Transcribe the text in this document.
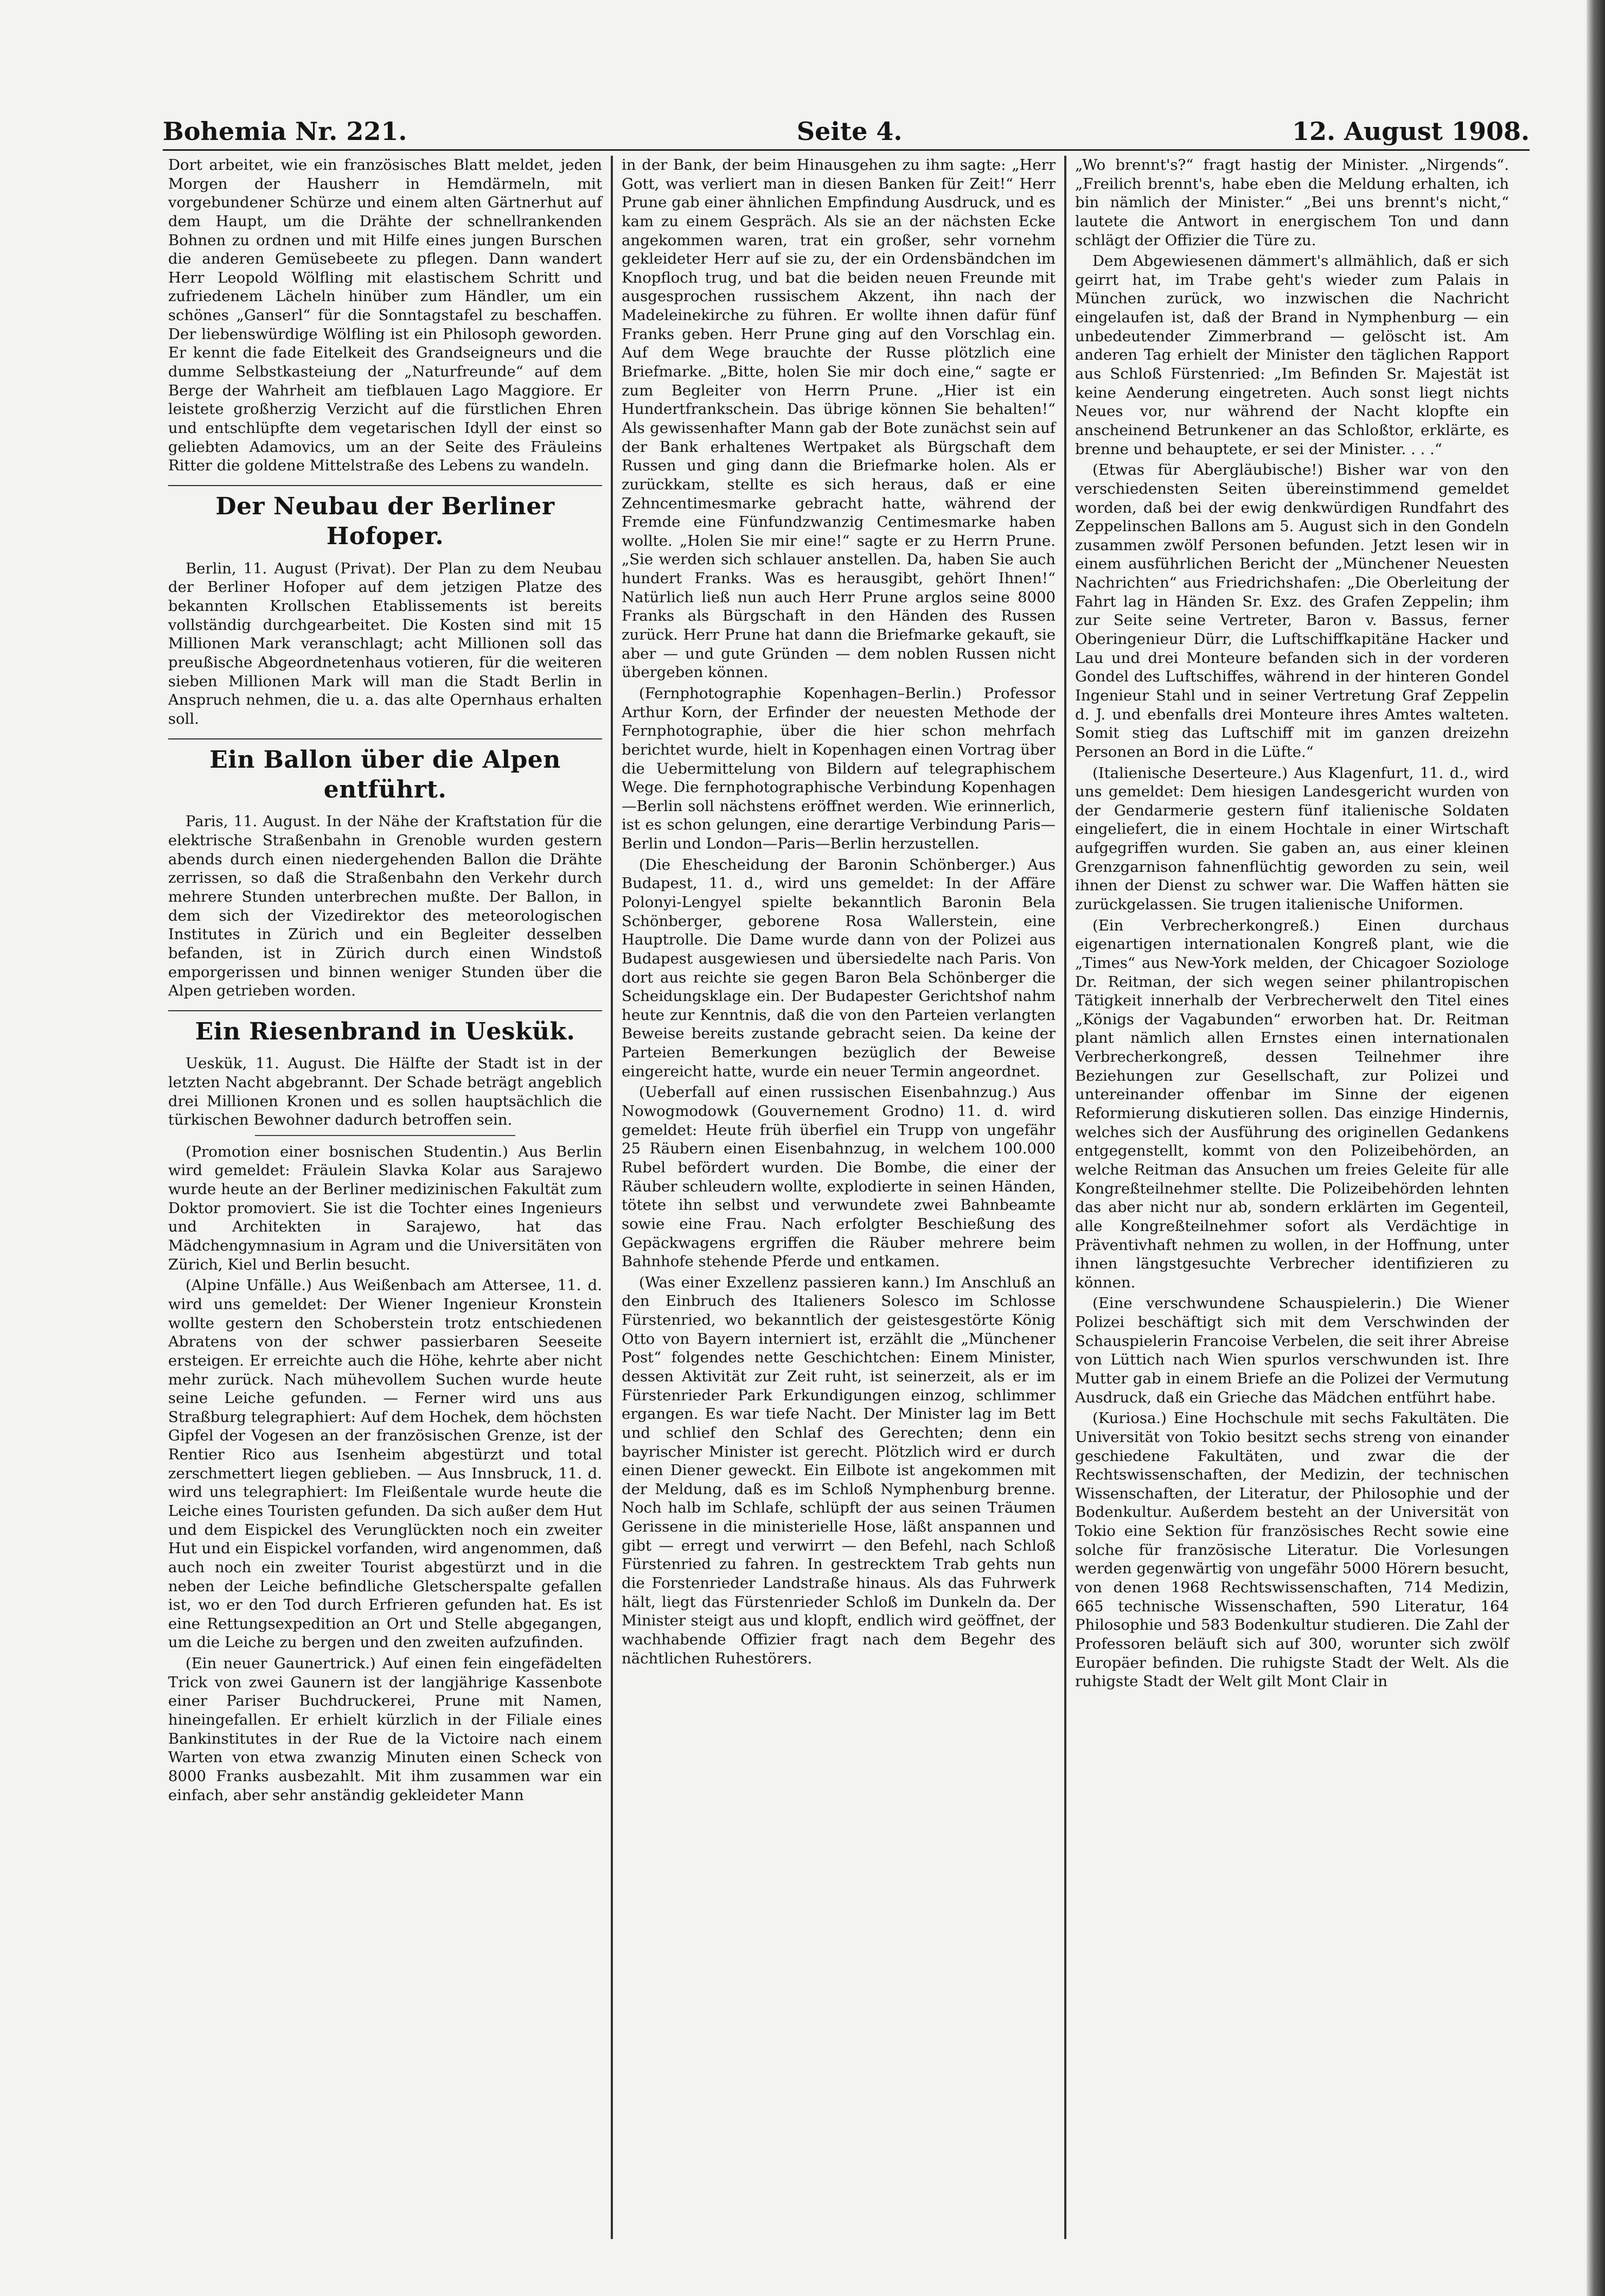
Bohemia Nr. 221.	Seite 4.	12. August 1908.

Dort arbeitet, wie ein französisches Blatt meldet, jeden Morgen der Hausherr in Hemdärmeln, mit vorgebundener Schürze und einem alten Gärtnerhut auf dem Haupt, um die Drähte der schnellrankenden Bohnen zu ordnen und mit Hilfe eines jungen Burschen die anderen Gemüsebeete zu pflegen. Dann wandert Herr Leopold Wölfling mit elastischem Schritt und zufriedenem Lächeln hinüber zum Händler, um ein schönes „Ganserl“ für die Sonntagstafel zu beschaffen. Der liebenswürdige Wölfling ist ein Philosoph geworden. Er kennt die fade Eitelkeit des Grandseigneurs und die dumme Selbstkasteiung der „Naturfreunde“ auf dem Berge der Wahrheit am tiefblauen Lago Maggiore. Er leistete großherzig Verzicht auf die fürstlichen Ehren und entschlüpfte dem vegetarischen Idyll der einst so geliebten Adamovics, um an der Seite des Fräuleins Ritter die goldene Mittelstraße des Lebens zu wandeln.

Der Neubau der Berliner Hofoper.

Berlin, 11. August (Privat). Der Plan zu dem Neubau der Berliner Hofoper auf dem jetzigen Platze des bekannten Krollschen Etablissements ist bereits vollständig durchgearbeitet. Die Kosten sind mit 15 Millionen Mark veranschlagt; acht Millionen soll das preußische Abgeordnetenhaus votieren, für die weiteren sieben Millionen Mark will man die Stadt Berlin in Anspruch nehmen, die u. a. das alte Opernhaus erhalten soll.

Ein Ballon über die Alpen entführt.

Paris, 11. August. In der Nähe der Kraftstation für die elektrische Straßenbahn in Grenoble wurden gestern abends durch einen niedergehenden Ballon die Drähte zerrissen, so daß die Straßenbahn den Verkehr durch mehrere Stunden unterbrechen mußte. Der Ballon, in dem sich der Vizedirektor des meteorologischen Institutes in Zürich und ein Begleiter desselben befanden, ist in Zürich durch einen Windstoß emporgerissen und binnen weniger Stunden über die Alpen getrieben worden.

Ein Riesenbrand in Ueskük.

Ueskük, 11. August. Die Hälfte der Stadt ist in der letzten Nacht abgebrannt. Der Schade beträgt angeblich drei Millionen Kronen und es sollen hauptsächlich die türkischen Bewohner dadurch betroffen sein.

(Promotion einer bosnischen Studentin.) Aus Berlin wird gemeldet: Fräulein Slavka Kolar aus Sarajewo wurde heute an der Berliner medizinischen Fakultät zum Doktor promoviert. Sie ist die Tochter eines Ingenieurs und Architekten in Sarajewo, hat das Mädchengymnasium in Agram und die Universitäten von Zürich, Kiel und Berlin besucht.

(Alpine Unfälle.) Aus Weißenbach am Attersee, 11. d. wird uns gemeldet: Der Wiener Ingenieur Kronstein wollte gestern den Schoberstein trotz entschiedenen Abratens von der schwer passierbaren Seeseite ersteigen. Er erreichte auch die Höhe, kehrte aber nicht mehr zurück. Nach mühevollem Suchen wurde heute seine Leiche gefunden. — Ferner wird uns aus Straßburg telegraphiert: Auf dem Hochek, dem höchsten Gipfel der Vogesen an der französischen Grenze, ist der Rentier Rico aus Isenheim abgestürzt und total zerschmettert liegen geblieben. — Aus Innsbruck, 11. d. wird uns telegraphiert: Im Fleißentale wurde heute die Leiche eines Touristen gefunden. Da sich außer dem Hut und dem Eispickel des Verunglückten noch ein zweiter Hut und ein Eispickel vorfanden, wird angenommen, daß auch noch ein zweiter Tourist abgestürzt und in die neben der Leiche befindliche Gletscherspalte gefallen ist, wo er den Tod durch Erfrieren gefunden hat. Es ist eine Rettungsexpedition an Ort und Stelle abgegangen, um die Leiche zu bergen und den zweiten aufzufinden.

(Ein neuer Gaunertrick.) Auf einen fein eingefädelten Trick von zwei Gaunern ist der langjährige Kassenbote einer Pariser Buchdruckerei, Prune mit Namen, hineingefallen. Er erhielt kürzlich in der Filiale eines Bankinstitutes in der Rue de la Victoire nach einem Warten von etwa zwanzig Minuten einen Scheck von 8000 Franks ausbezahlt. Mit ihm zusammen war ein einfach, aber sehr anständig gekleideter Mann

in der Bank, der beim Hinausgehen zu ihm sagte: „Herr Gott, was verliert man in diesen Banken für Zeit!“ Herr Prune gab einer ähnlichen Empfindung Ausdruck, und es kam zu einem Gespräch. Als sie an der nächsten Ecke angekommen waren, trat ein großer, sehr vornehm gekleideter Herr auf sie zu, der ein Ordensbändchen im Knopfloch trug, und bat die beiden neuen Freunde mit ausgesprochen russischem Akzent, ihn nach der Madeleinekirche zu führen. Er wollte ihnen dafür fünf Franks geben. Herr Prune ging auf den Vorschlag ein. Auf dem Wege brauchte der Russe plötzlich eine Briefmarke. „Bitte, holen Sie mir doch eine,“ sagte er zum Begleiter von Herrn Prune. „Hier ist ein Hundertfrankschein. Das übrige können Sie behalten!“ Als gewissenhafter Mann gab der Bote zunächst sein auf der Bank erhaltenes Wertpaket als Bürgschaft dem Russen und ging dann die Briefmarke holen. Als er zurückkam, stellte es sich heraus, daß er eine Zehncentimesmarke gebracht hatte, während der Fremde eine Fünfundzwanzig Centimesmarke haben wollte. „Holen Sie mir eine!“ sagte er zu Herrn Prune. „Sie werden sich schlauer anstellen. Da, haben Sie auch hundert Franks. Was es herausgibt, gehört Ihnen!“ Natürlich ließ nun auch Herr Prune arglos seine 8000 Franks als Bürgschaft in den Händen des Russen zurück. Herr Prune hat dann die Briefmarke gekauft, sie aber — und gute Gründen — dem noblen Russen nicht übergeben können.

(Fernphotographie Kopenhagen–Berlin.) Professor Arthur Korn, der Erfinder der neuesten Methode der Fernphotographie, über die hier schon mehrfach berichtet wurde, hielt in Kopenhagen einen Vortrag über die Uebermittelung von Bildern auf telegraphischem Wege. Die fernphotographische Verbindung Kopenhagen—Berlin soll nächstens eröffnet werden. Wie erinnerlich, ist es schon gelungen, eine derartige Verbindung Paris—Berlin und London—Paris—Berlin herzustellen.

(Die Ehescheidung der Baronin Schönberger.) Aus Budapest, 11. d., wird uns gemeldet: In der Affäre Polonyi-Lengyel spielte bekanntlich Baronin Bela Schönberger, geborene Rosa Wallerstein, eine Hauptrolle. Die Dame wurde dann von der Polizei aus Budapest ausgewiesen und übersiedelte nach Paris. Von dort aus reichte sie gegen Baron Bela Schönberger die Scheidungsklage ein. Der Budapester Gerichtshof nahm heute zur Kenntnis, daß die von den Parteien verlangten Beweise bereits zustande gebracht seien. Da keine der Parteien Bemerkungen bezüglich der Beweise eingereicht hatte, wurde ein neuer Termin angeordnet.

(Ueberfall auf einen russischen Eisenbahnzug.) Aus Nowogmodowk (Gouvernement Grodno) 11. d. wird gemeldet: Heute früh überfiel ein Trupp von ungefähr 25 Räubern einen Eisenbahnzug, in welchem 100.000 Rubel befördert wurden. Die Bombe, die einer der Räuber schleudern wollte, explodierte in seinen Händen, tötete ihn selbst und verwundete zwei Bahnbeamte sowie eine Frau. Nach erfolgter Beschießung des Gepäckwagens ergriffen die Räuber mehrere beim Bahnhofe stehende Pferde und entkamen.

(Was einer Exzellenz passieren kann.) Im Anschluß an den Einbruch des Italieners Solesco im Schlosse Fürstenried, wo bekanntlich der geistesgestörte König Otto von Bayern interniert ist, erzählt die „Münchener Post“ folgendes nette Geschichtchen: Einem Minister, dessen Aktivität zur Zeit ruht, ist seinerzeit, als er im Fürstenrieder Park Erkundigungen einzog, schlimmer ergangen. Es war tiefe Nacht. Der Minister lag im Bett und schlief den Schlaf des Gerechten; denn ein bayrischer Minister ist gerecht. Plötzlich wird er durch einen Diener geweckt. Ein Eilbote ist angekommen mit der Meldung, daß es im Schloß Nymphenburg brenne. Noch halb im Schlafe, schlüpft der aus seinen Träumen Gerissene in die ministerielle Hose, läßt anspannen und gibt — erregt und verwirrt — den Befehl, nach Schloß Fürstenried zu fahren. In gestrecktem Trab gehts nun die Forstenrieder Landstraße hinaus. Als das Fuhrwerk hält, liegt das Fürstenrieder Schloß im Dunkeln da. Der Minister steigt aus und klopft, endlich wird geöffnet, der wachhabende Offizier fragt nach dem Begehr des nächtlichen Ruhestörers.

„Wo brennt's?“ fragt hastig der Minister. „Nirgends“. „Freilich brennt's, habe eben die Meldung erhalten, ich bin nämlich der Minister.“ „Bei uns brennt's nicht,“ lautete die Antwort in energischem Ton und dann schlägt der Offizier die Türe zu.

Dem Abgewiesenen dämmert's allmählich, daß er sich geirrt hat, im Trabe geht's wieder zum Palais in München zurück, wo inzwischen die Nachricht eingelaufen ist, daß der Brand in Nymphenburg — ein unbedeutender Zimmerbrand — gelöscht ist. Am anderen Tag erhielt der Minister den täglichen Rapport aus Schloß Fürstenried: „Im Befinden Sr. Majestät ist keine Aenderung eingetreten. Auch sonst liegt nichts Neues vor, nur während der Nacht klopfte ein anscheinend Betrunkener an das Schloßtor, erklärte, es brenne und behauptete, er sei der Minister. . . .“

(Etwas für Abergläubische!) Bisher war von den verschiedensten Seiten übereinstimmend gemeldet worden, daß bei der ewig denkwürdigen Rundfahrt des Zeppelinschen Ballons am 5. August sich in den Gondeln zusammen zwölf Personen befunden. Jetzt lesen wir in einem ausführlichen Bericht der „Münchener Neuesten Nachrichten“ aus Friedrichshafen: „Die Oberleitung der Fahrt lag in Händen Sr. Exz. des Grafen Zeppelin; ihm zur Seite seine Vertreter, Baron v. Bassus, ferner Oberingenieur Dürr, die Luftschiffkapitäne Hacker und Lau und drei Monteure befanden sich in der vorderen Gondel des Luftschiffes, während in der hinteren Gondel Ingenieur Stahl und in seiner Vertretung Graf Zeppelin d. J. und ebenfalls drei Monteure ihres Amtes walteten. Somit stieg das Luftschiff mit im ganzen dreizehn Personen an Bord in die Lüfte.“

(Italienische Deserteure.) Aus Klagenfurt, 11. d., wird uns gemeldet: Dem hiesigen Landesgericht wurden von der Gendarmerie gestern fünf italienische Soldaten eingeliefert, die in einem Hochtale in einer Wirtschaft aufgegriffen wurden. Sie gaben an, aus einer kleinen Grenzgarnison fahnenflüchtig geworden zu sein, weil ihnen der Dienst zu schwer war. Die Waffen hätten sie zurückgelassen. Sie trugen italienische Uniformen.

(Ein Verbrecherkongreß.) Einen durchaus eigenartigen internationalen Kongreß plant, wie die „Times“ aus New-York melden, der Chicagoer Soziologe Dr. Reitman, der sich wegen seiner philantropischen Tätigkeit innerhalb der Verbrecherwelt den Titel eines „Königs der Vagabunden“ erworben hat. Dr. Reitman plant nämlich allen Ernstes einen internationalen Verbrecherkongreß, dessen Teilnehmer ihre Beziehungen zur Gesellschaft, zur Polizei und untereinander offenbar im Sinne der eigenen Reformierung diskutieren sollen. Das einzige Hindernis, welches sich der Ausführung des originellen Gedankens entgegenstellt, kommt von den Polizeibehörden, an welche Reitman das Ansuchen um freies Geleite für alle Kongreßteilnehmer stellte. Die Polizeibehörden lehnten das aber nicht nur ab, sondern erklärten im Gegenteil, alle Kongreßteilnehmer sofort als Verdächtige in Präventivhaft nehmen zu wollen, in der Hoffnung, unter ihnen längstgesuchte Verbrecher identifizieren zu können.

(Eine verschwundene Schauspielerin.) Die Wiener Polizei beschäftigt sich mit dem Verschwinden der Schauspielerin Francoise Verbelen, die seit ihrer Abreise von Lüttich nach Wien spurlos verschwunden ist. Ihre Mutter gab in einem Briefe an die Polizei der Vermutung Ausdruck, daß ein Grieche das Mädchen entführt habe.

(Kuriosa.) Eine Hochschule mit sechs Fakultäten. Die Universität von Tokio besitzt sechs streng von einander geschiedene Fakultäten, und zwar die der Rechtswissenschaften, der Medizin, der technischen Wissenschaften, der Literatur, der Philosophie und der Bodenkultur. Außerdem besteht an der Universität von Tokio eine Sektion für französisches Recht sowie eine solche für französische Literatur. Die Vorlesungen werden gegenwärtig von ungefähr 5000 Hörern besucht, von denen 1968 Rechtswissenschaften, 714 Medizin, 665 technische Wissenschaften, 590 Literatur, 164 Philosophie und 583 Bodenkultur studieren. Die Zahl der Professoren beläuft sich auf 300, worunter sich zwölf Europäer befinden. Die ruhigste Stadt der Welt. Als die ruhigste Stadt der Welt gilt Mont Clair in
